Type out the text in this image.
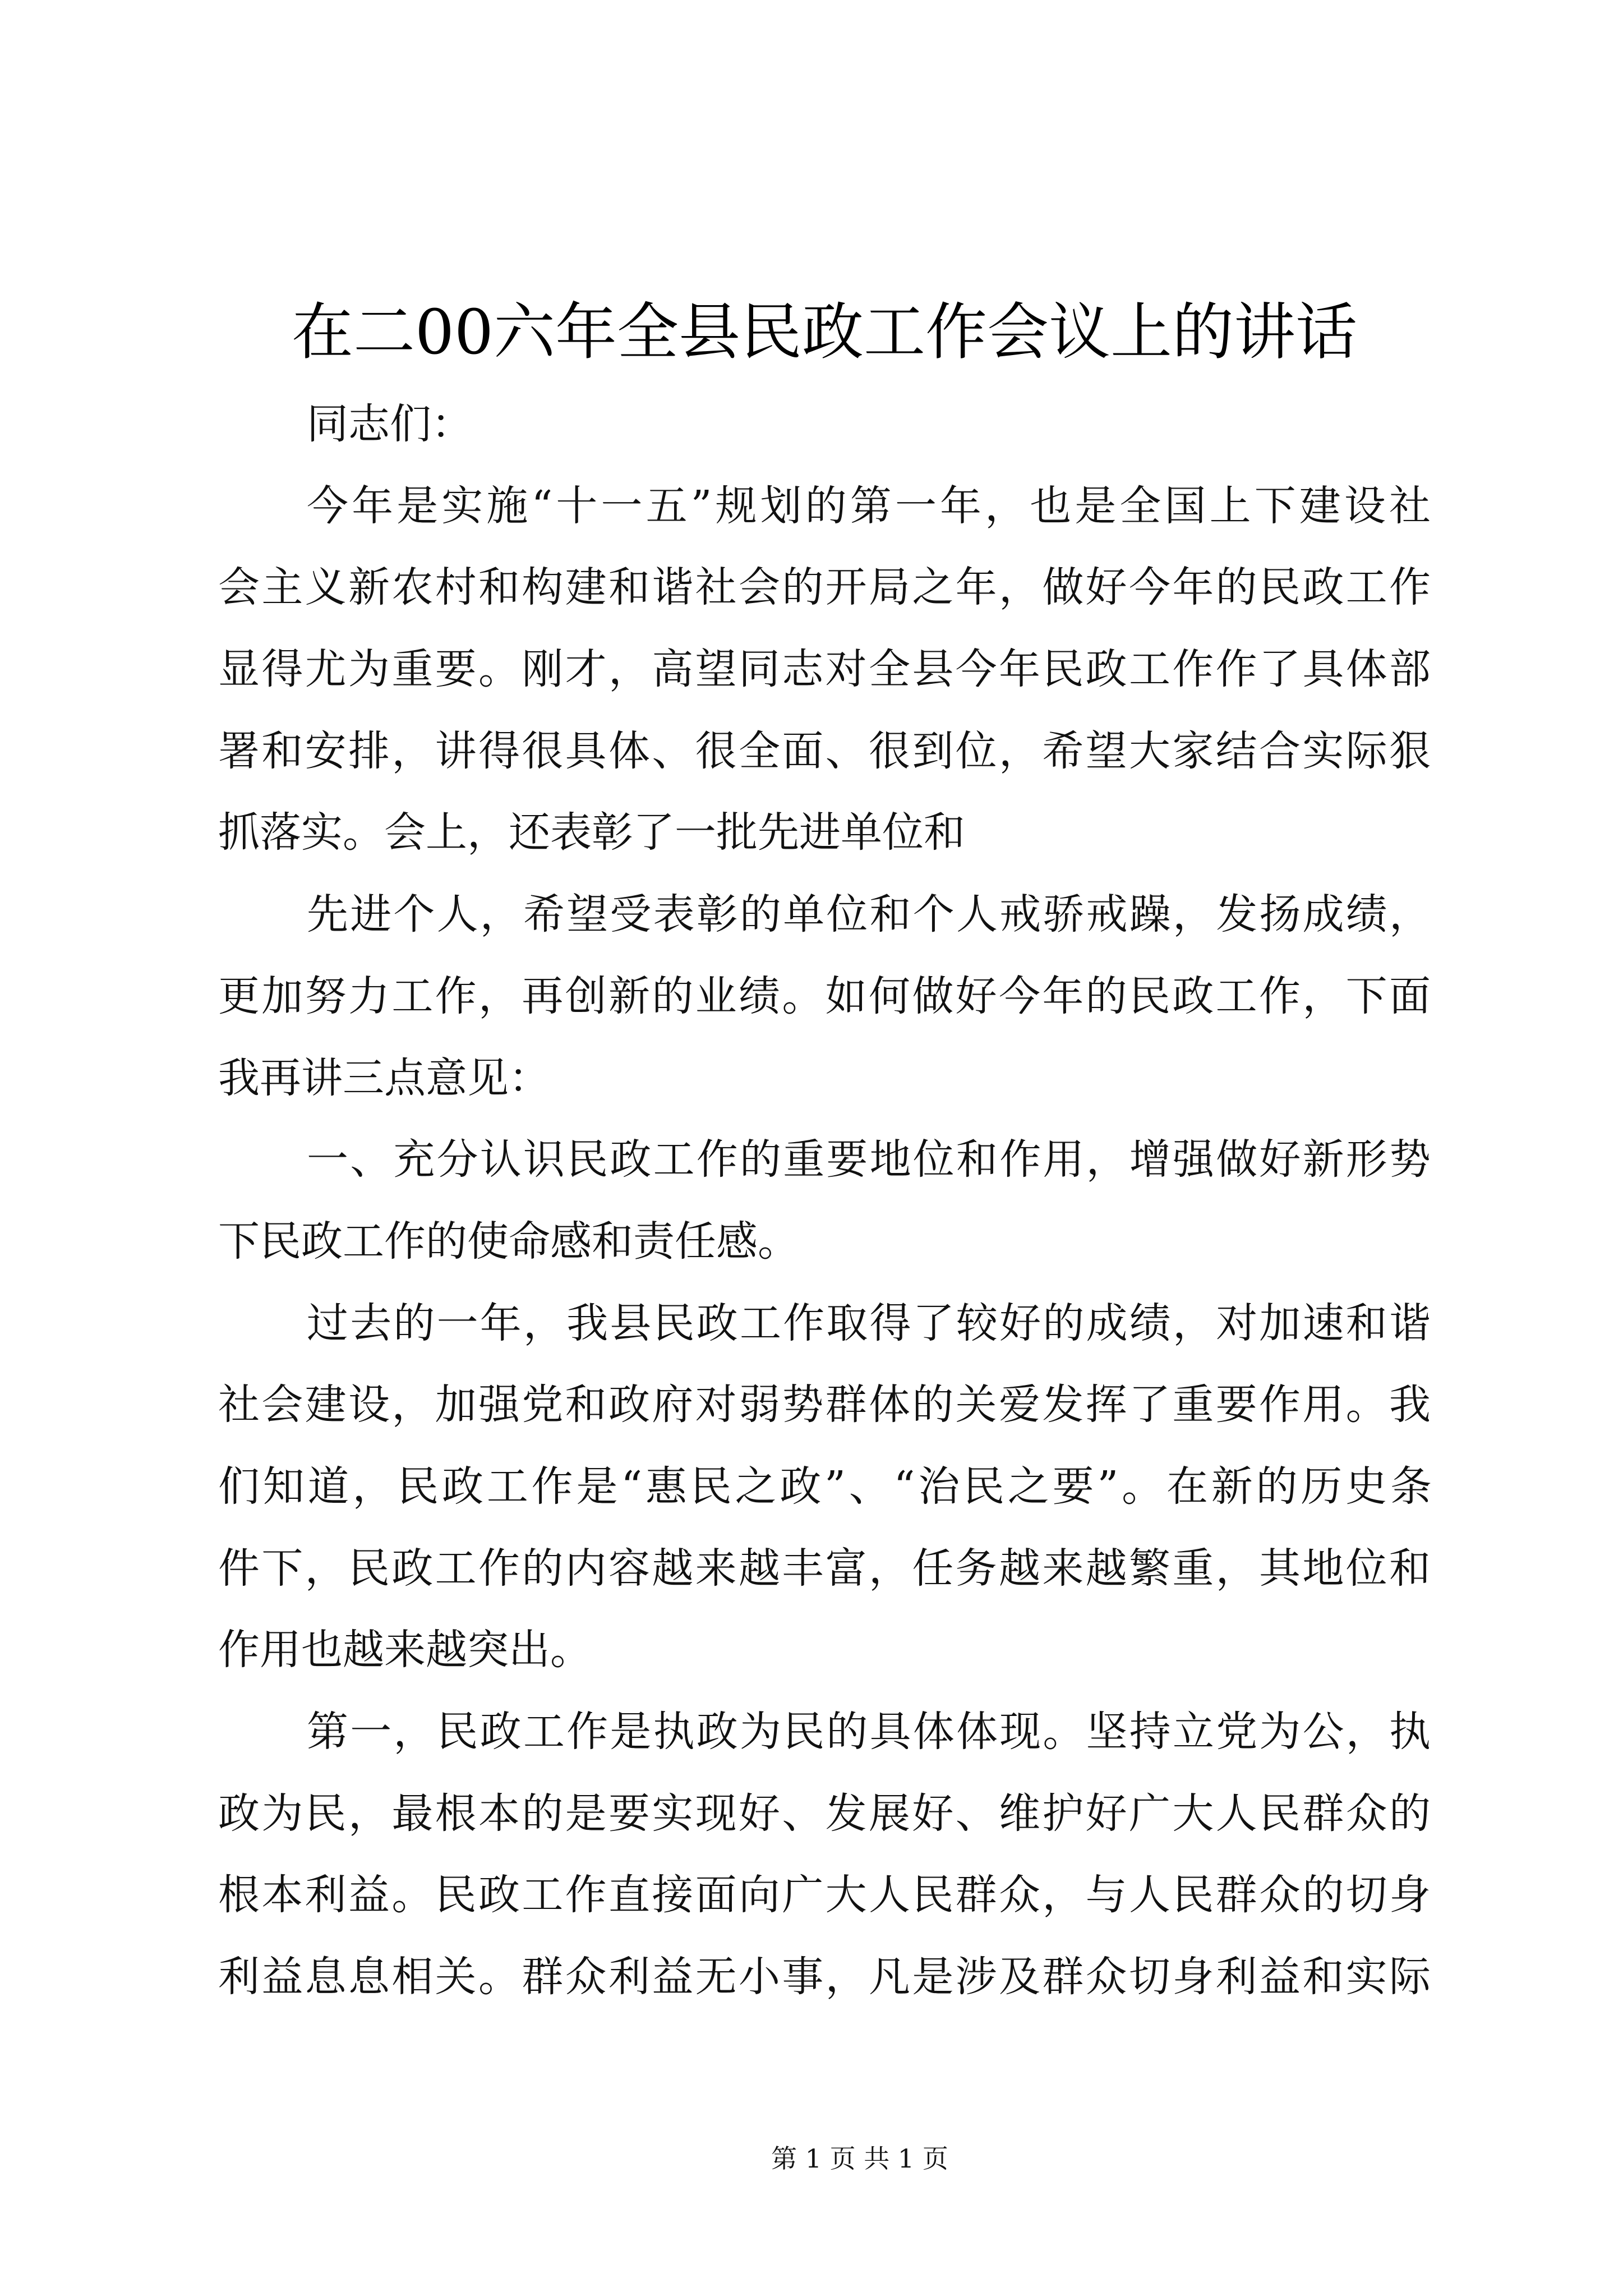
在二00六年全县民政工作会议上的讲话
同志们：
今年是实施“十一五”规划的第一年，也是全国上下建设社
会主义新农村和构建和谐社会的开局之年，做好今年的民政工作
显得尤为重要。刚才，高望同志对全县今年民政工作作了具体部
署和安排，讲得很具体、很全面、很到位，希望大家结合实际狠
抓落实。会上，还表彰了一批先进单位和
先进个人，希望受表彰的单位和个人戒骄戒躁，发扬成绩，
更加努力工作，再创新的业绩。如何做好今年的民政工作，下面
我再讲三点意见：
一、充分认识民政工作的重要地位和作用，增强做好新形势
下民政工作的使命感和责任感。
过去的一年，我县民政工作取得了较好的成绩，对加速和谐
社会建设，加强党和政府对弱势群体的关爱发挥了重要作用。我
们知道，民政工作是“惠民之政”、“治民之要”。在新的历史条
件下，民政工作的内容越来越丰富，任务越来越繁重，其地位和
作用也越来越突出。
第一，民政工作是执政为民的具体体现。坚持立党为公，执
政为民，最根本的是要实现好、发展好、维护好广大人民群众的
根本利益。民政工作直接面向广大人民群众，与人民群众的切身
利益息息相关。群众利益无小事，凡是涉及群众切身利益和实际
第 1 页 共 1 页
